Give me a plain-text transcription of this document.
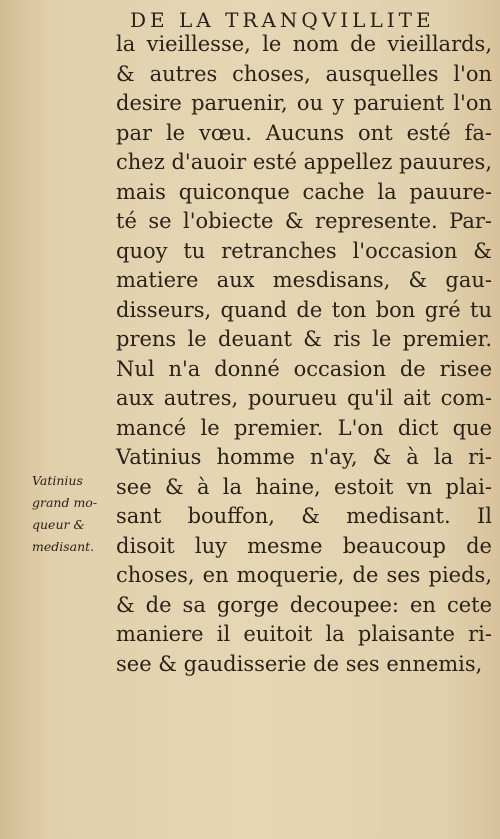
DE LA TRANQVILLITE
la vieillesse, le nom de vieillards,
& autres choses, ausquelles l'on
desire paruenir, ou y paruient l'on
par le vœu. Aucuns ont esté fa-
chez d'auoir esté appellez pauures,
mais quiconque cache la pauure-
té se l'obiecte & represente. Par-
quoy tu retranches l'occasion &
matiere aux mesdisans, & gau-
disseurs, quand de ton bon gré tu
prens le deuant & ris le premier.
Nul n'a donné occasion de risee
aux autres, pourueu qu'il ait com-
mancé le premier. L'on dict que
Vatinius homme n'ay, & à la ri-
see & à la haine, estoit vn plai-
sant bouffon, & medisant. Il
disoit luy mesme beaucoup de
choses, en moquerie, de ses pieds,
& de sa gorge decoupee: en cete
maniere il euitoit la plaisante ri-
see & gaudisserie de ses ennemis,
Vatinius
grand mo-
queur &
medisant.
